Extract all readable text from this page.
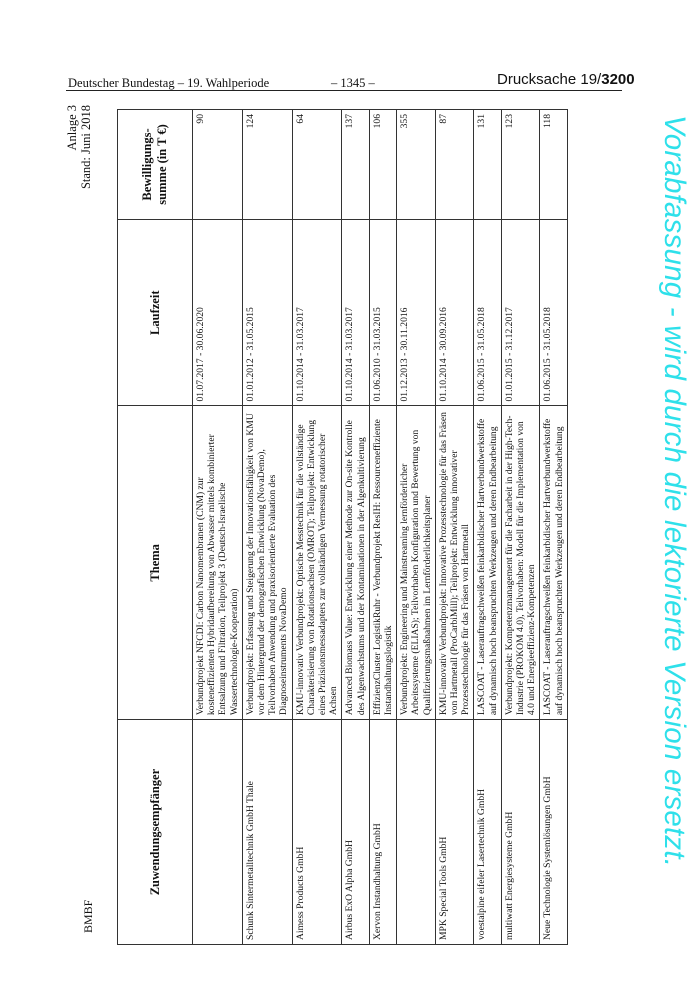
Deutscher Bundestag – 19. Wahlperiode	– 1345 –	Drucksache 19/3200
BMBF
Anlage 3 Stand: Juni 2018
Zuwendungsempfänger	Thema	Laufzeit	Bewilligungs-summe (in T €)
	Verbundprojekt NFCDI: Carbon Nanomembranen (CNM) zur kosteneffizienten Hybridaufbereitung von Abwasser mittels kombinierter Entsalzung und Filtration, Teilprojekt 3 (Deutsch-Israelische Wassertechnologie-Kooperation)	01.07.2017 - 30.06.2020	90
Schunk Sintermetalltechnik GmbH Thale	Verbundprojekt: Erfassung und Steigerung der Innovationsfähigkeit von KMU vor dem Hintergrund der demografischen Entwicklung (NovaDemo), Teilvorhaben Anwendung und praxisorientierte Evaluation des Diagnoseinstruments NovaDemo	01.01.2012 - 31.05.2015	124
Aimess Products GmbH	KMU-innovativ Verbundprojekt: Optische Messtechnik für die vollständige Charakterisierung von Rotationsachsen (OMROT); Teilprojekt: Entwicklung eines Präzisionsmessadapters zur vollständigen Vermessung rotatorischer Achsen	01.10.2014 - 31.03.2017	64
Airbus ExO Alpha GmbH	Advanced Biomass Value: Entwicklung einer Methode zur On-site Kontrolle des Algenwachstums und der Kontaminationen in der Algenkultivierung	01.10.2014 - 31.03.2017	137
Xervon Instandhaltung GmbH	EffizienzCluster LogistikRuhr - Verbundprojekt ResIH: Ressourceneffiziente Instandhaltungslogistik	01.06.2010 - 31.03.2015	106
	Verbundprojekt: Engineering und Mainstreaming lernförderlicher Arbeitssysteme (ELIAS); Teilvorhaben Konfiguration und Bewertung von Qualifizierungsmaßnahmen im Lernförderlichkeitsplaner	01.12.2013 - 30.11.2016	355
MPK Special Tools GmbH	KMU-innovativ Verbundprojekt: Innovative Prozesstechnologie für das Fräsen von Hartmetall (ProCarbiMill); Teilprojekt: Entwicklung innovativer Prozesstechnologie für das Fräsen von Hartmetall	01.10.2014 - 30.09.2016	87
voestalpine eifeler Lasertechnik GmbH	LASCOAT - Laserauftragschweißen feinkarbidischer Hartverbundwerkstoffe auf dynamisch hoch beanspruchten Werkzeugen und deren Endbearbeitung	01.06.2015 - 31.05.2018	131
multiwatt Energiesysteme GmbH	Verbundprojekt: Kompetenzmanagement für die Facharbeit in der High-Tech-Industrie (PROKOM 4.0), Teilvorhaben: Modell für die Implementation von 4.0 und Energieeffizienz-Kompetenzen	01.01.2015 - 31.12.2017	123
Neue Technologie Systemlösungen GmbH	LASCOAT - Laserauftragschweißen feinkarbidischer Hartverbundwerkstoffe auf dynamisch hoch beanspruchten Werkzeugen und deren Endbearbeitung	01.06.2015 - 31.05.2018	118	Vorabfassung - wird durch die lektorierte Version ersetzt.
